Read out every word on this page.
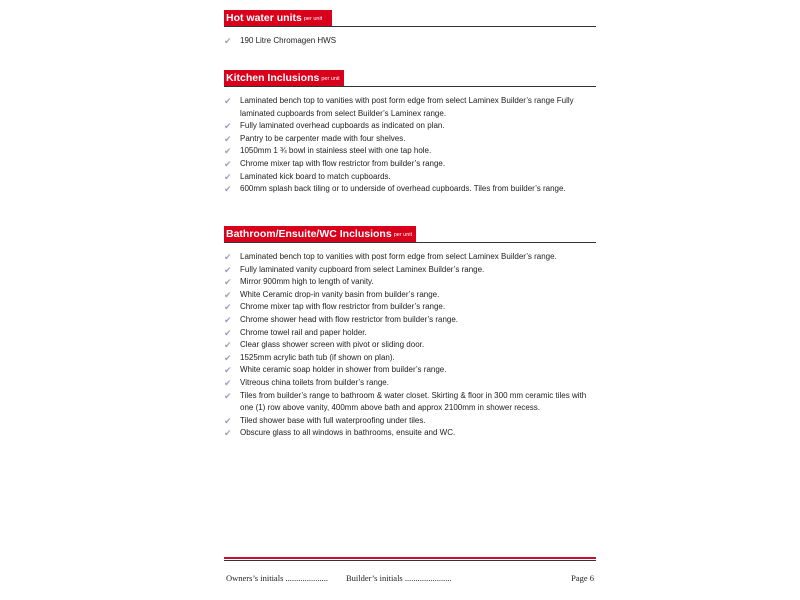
Hot water units per unit
✔	190 Litre Chromagen HWS
Kitchen Inclusions per unit
✔	Laminated bench top to vanities with post form edge from select Laminex Builder’s range Fully laminated cupboards from select Builder’s Laminex range.
✔	Fully laminated overhead cupboards as indicated on plan.
✔	Pantry to be carpenter made with four shelves.
✔	1050mm 1 ¾ bowl in stainless steel with one tap hole.
✔	Chrome mixer tap with flow restrictor from builder’s range.
✔	Laminated kick board to match cupboards.
✔	600mm splash back tiling or to underside of overhead cupboards. Tiles from builder’s range.
Bathroom/Ensuite/WC Inclusions per unit
✔	Laminated bench top to vanities with post form edge from select Laminex Builder’s range.
✔	Fully laminated vanity cupboard from select Laminex Builder’s range.
✔	Mirror 900mm high to length of vanity.
✔	White Ceramic drop-in vanity basin from builder’s range.
✔	Chrome mixer tap with flow restrictor from builder’s range.
✔	Chrome shower head with flow restrictor from builder’s range.
✔	Chrome towel rail and paper holder.
✔	Clear glass shower screen with pivot or sliding door.
✔	1525mm acrylic bath tub (if shown on plan).
✔	White ceramic soap holder in shower from builder’s range.
✔	Vitreous china toilets from builder’s range.
✔	Tiles from builder’s range to bathroom & water closet. Skirting & floor in 300 mm ceramic tiles with one (1) row above vanity, 400mm above bath and approx 2100mm in shower recess.
✔	Tiled shower base with full waterproofing under tiles.
✔	Obscure glass to all windows in bathrooms, ensuite and WC.
Owners’s initials .................... Builder’s initials ......................	Page 6
